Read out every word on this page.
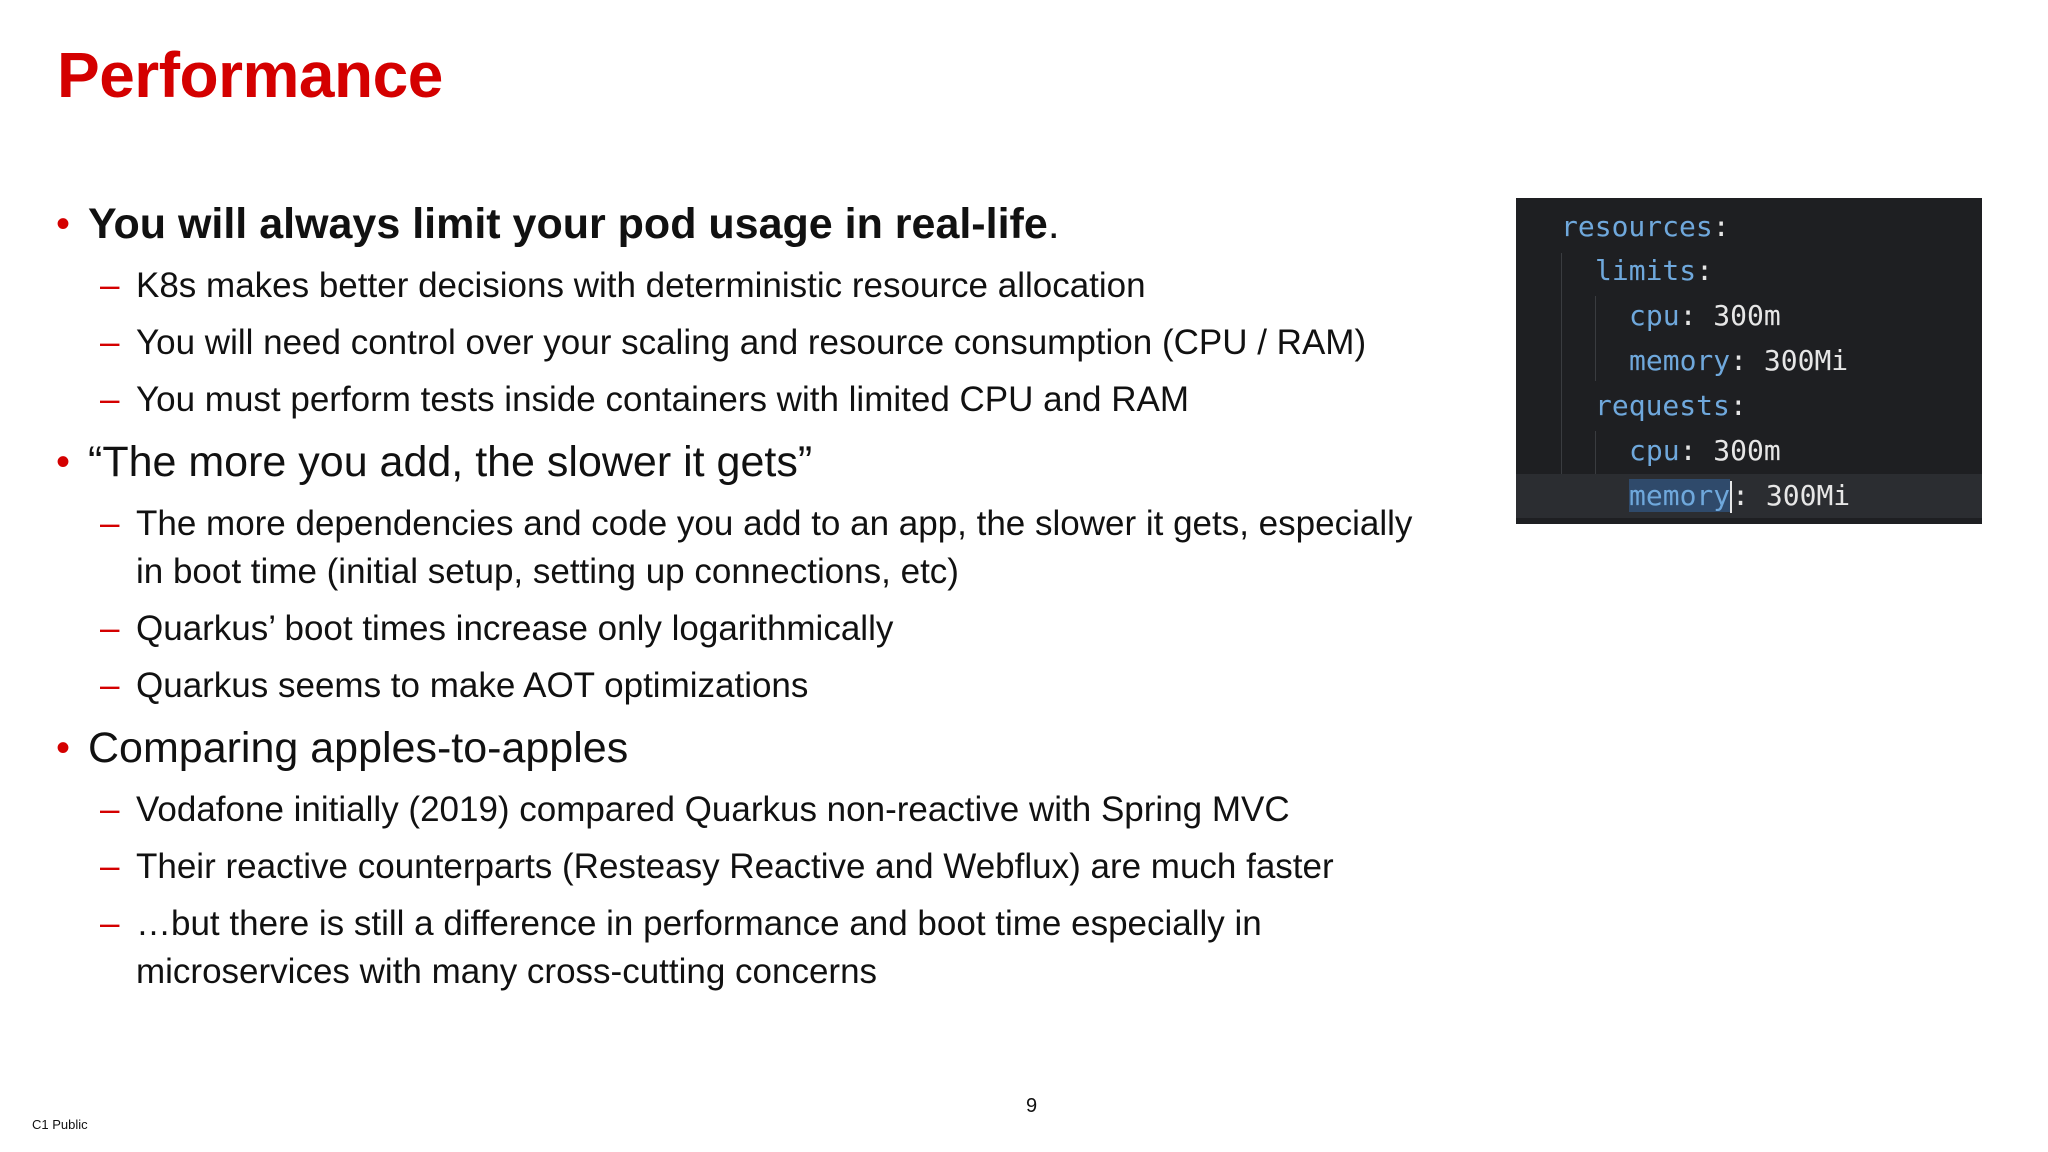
Performance
• You will always limit your pod usage in real-life.
– K8s makes better decisions with deterministic resource allocation
– You will need control over your scaling and resource consumption (CPU / RAM)
– You must perform tests inside containers with limited CPU and RAM
• “The more you add, the slower it gets”
– The more dependencies and code you add to an app, the slower it gets, especially in boot time (initial setup, setting up connections, etc)
– Quarkus’ boot times increase only logarithmically
– Quarkus seems to make AOT optimizations
• Comparing apples-to-apples
– Vodafone initially (2019) compared Quarkus non-reactive with Spring MVC
– Their reactive counterparts (Resteasy Reactive and Webflux) are much faster
– …but there is still a difference in performance and boot time especially in microservices with many cross-cutting concerns
resources:
limits:
cpu: 300m
memory: 300Mi
requests:
cpu: 300m
memory: 300Mi
9
C1 Public
